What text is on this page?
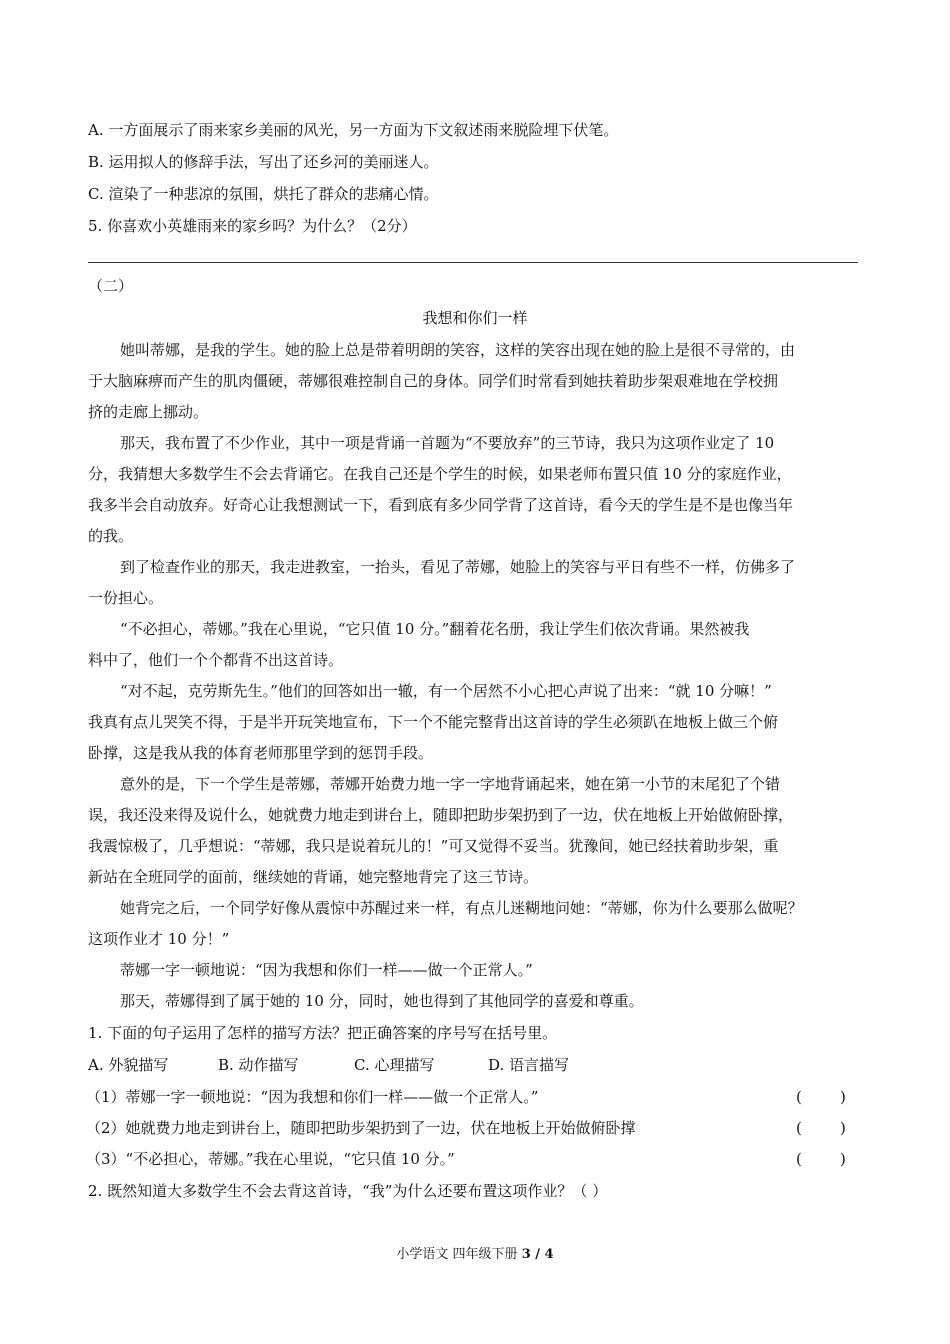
A. 一方面展示了雨来家乡美丽的风光，另一方面为下文叙述雨来脱险埋下伏笔。
B. 运用拟人的修辞手法，写出了还乡河的美丽迷人。
C. 渲染了一种悲凉的氛围，烘托了群众的悲痛心情。
5. 你喜欢小英雄雨来的家乡吗？为什么？（2分）
（二）
我想和你们一样
她叫蒂娜，是我的学生。她的脸上总是带着明朗的笑容，这样的笑容出现在她的脸上是很不寻常的，由
于大脑麻痹而产生的肌肉僵硬，蒂娜很难控制自己的身体。同学们时常看到她扶着助步架艰难地在学校拥
挤的走廊上挪动。
那天，我布置了不少作业，其中一项是背诵一首题为“不要放弃”的三节诗，我只为这项作业定了 10
分，我猜想大多数学生不会去背诵它。在我自己还是个学生的时候，如果老师布置只值 10 分的家庭作业，
我多半会自动放弃。好奇心让我想测试一下，看到底有多少同学背了这首诗，看今天的学生是不是也像当年
的我。
到了检查作业的那天，我走进教室，一抬头，看见了蒂娜，她脸上的笑容与平日有些不一样，仿佛多了
一份担心。
“不必担心，蒂娜。”我在心里说，“它只值 10 分。”翻着花名册，我让学生们依次背诵。果然被我
料中了，他们一个个都背不出这首诗。
“对不起，克劳斯先生。”他们的回答如出一辙，有一个居然不小心把心声说了出来：“就 10 分嘛！”
我真有点儿哭笑不得，于是半开玩笑地宣布，下一个不能完整背出这首诗的学生必须趴在地板上做三个俯
卧撑，这是我从我的体育老师那里学到的惩罚手段。
意外的是，下一个学生是蒂娜，蒂娜开始费力地一字一字地背诵起来，她在第一小节的末尾犯了个错
误，我还没来得及说什么，她就费力地走到讲台上，随即把助步架扔到了一边，伏在地板上开始做俯卧撑，
我震惊极了，几乎想说：“蒂娜，我只是说着玩儿的！”可又觉得不妥当。犹豫间，她已经扶着助步架，重
新站在全班同学的面前，继续她的背诵，她完整地背完了这三节诗。
她背完之后，一个同学好像从震惊中苏醒过来一样，有点儿迷糊地问她：“蒂娜，你为什么要那么做呢？
这项作业才 10 分！”
蒂娜一字一顿地说：“因为我想和你们一样——做一个正常人。”
那天，蒂娜得到了属于她的 10 分，同时，她也得到了其他同学的喜爱和尊重。
1. 下面的句子运用了怎样的描写方法？把正确答案的序号写在括号里。
A. 外貌描写	B. 动作描写	C. 心理描写	D. 语言描写
（1）蒂娜一字一顿地说：“因为我想和你们一样——做一个正常人。”	(        )
（2）她就费力地走到讲台上，随即把助步架扔到了一边，伏在地板上开始做俯卧撑	(        )
（3）“不必担心，蒂娜。”我在心里说，“它只值 10 分。”	(        )
2. 既然知道大多数学生不会去背这首诗，“我”为什么还要布置这项作业？（ ）
小学语文 四年级下册 3 / 4
